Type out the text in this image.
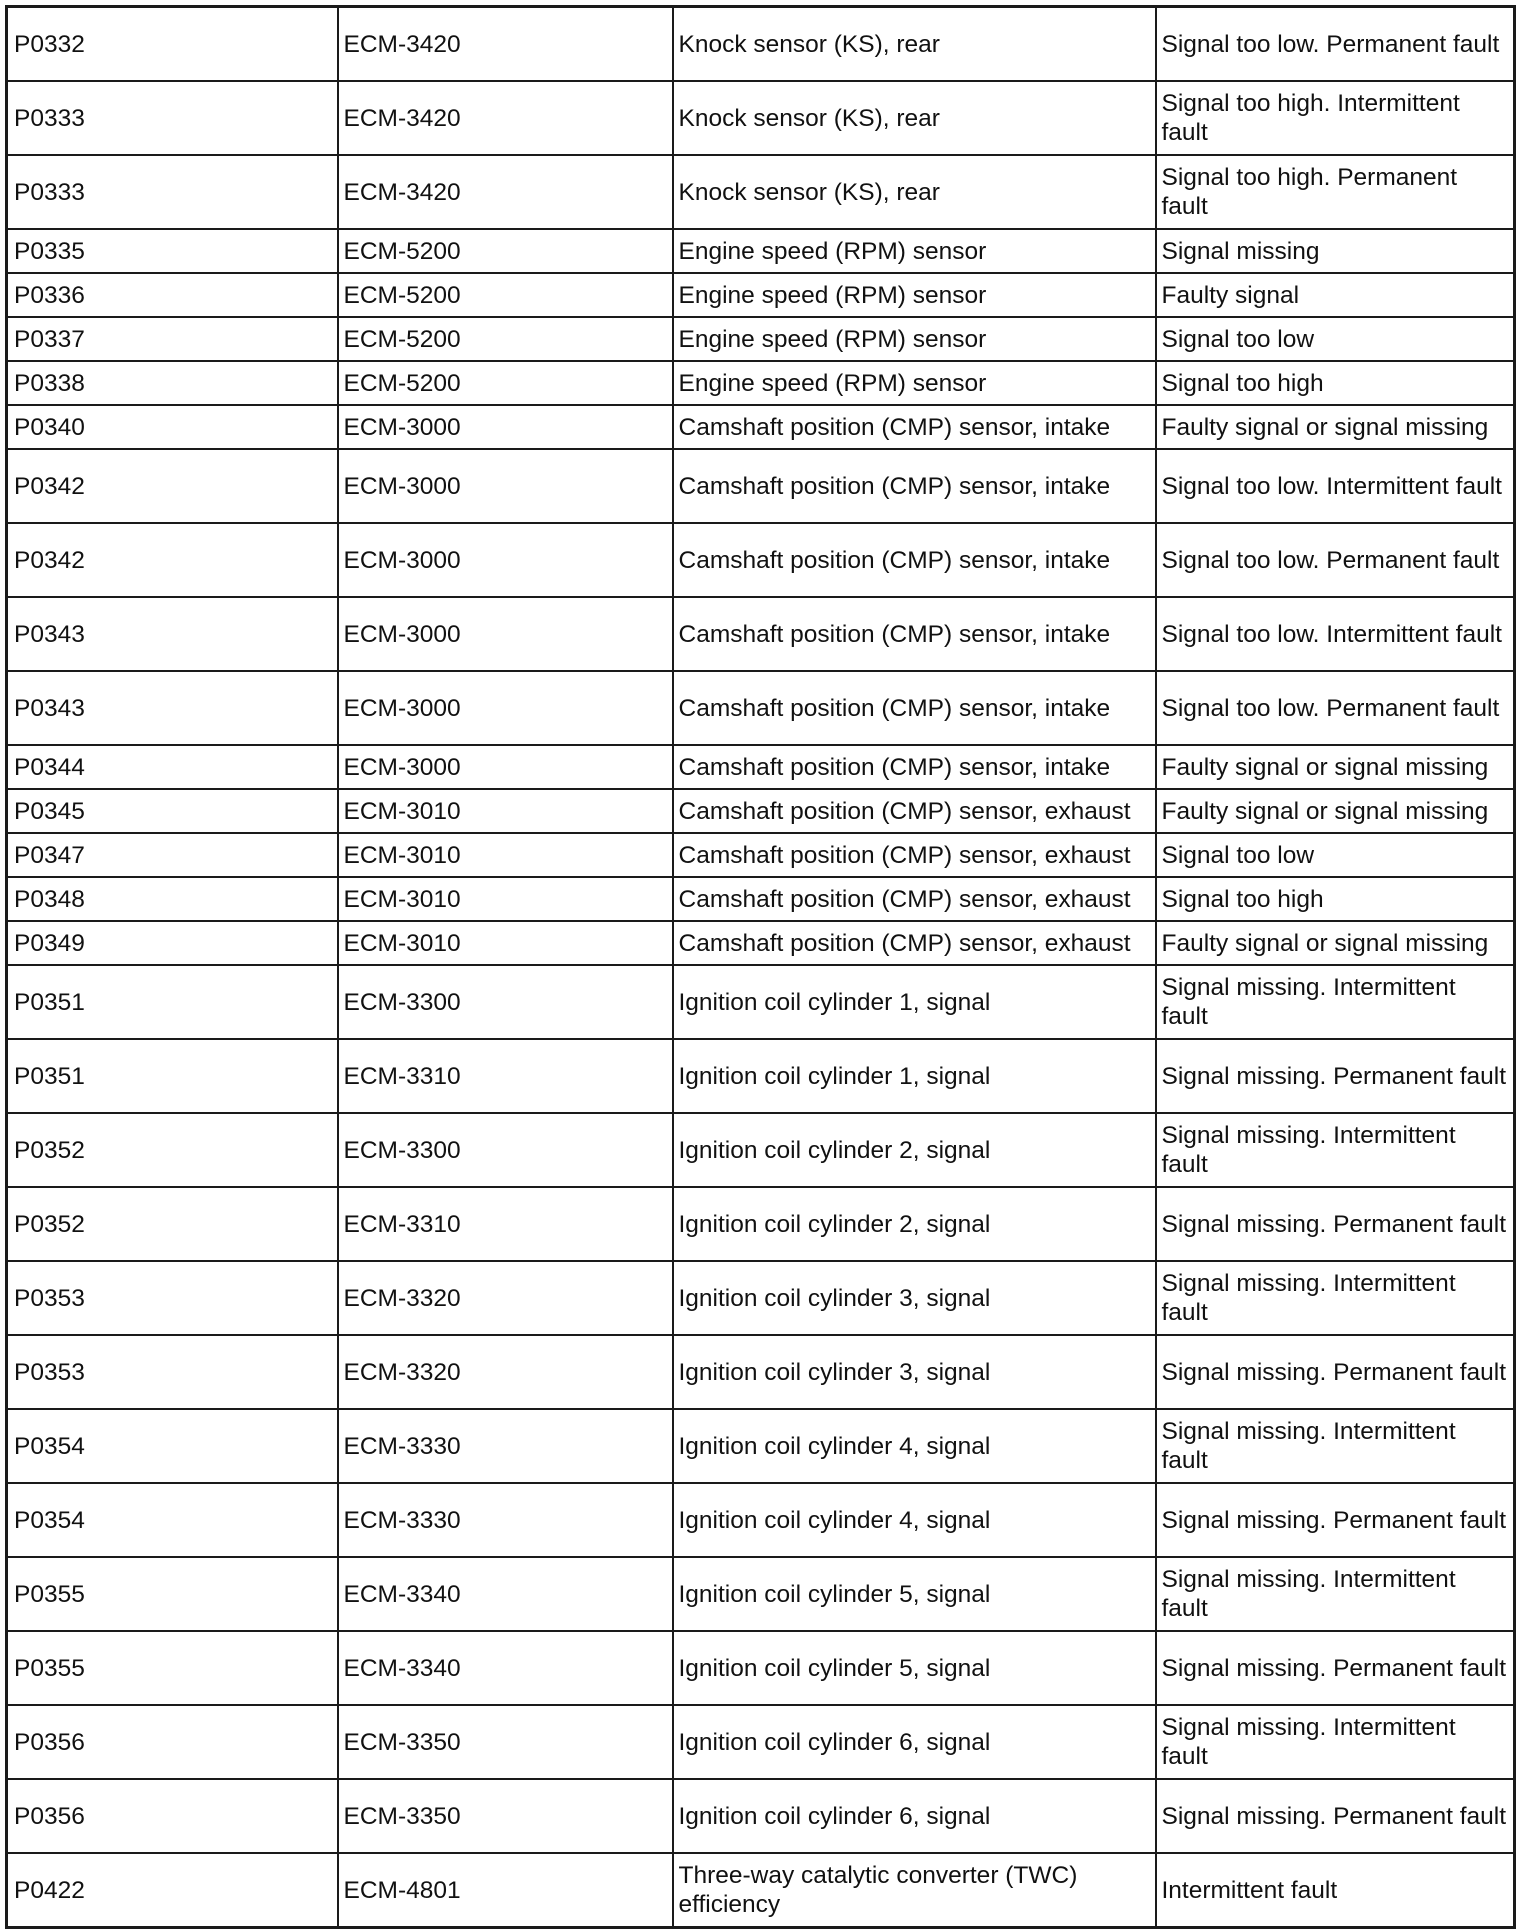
P0332	ECM-3420	Knock sensor (KS), rear	Signal too low. Permanent fault
P0333	ECM-3420	Knock sensor (KS), rear	Signal too high. Intermittent fault
P0333	ECM-3420	Knock sensor (KS), rear	Signal too high. Permanent fault
P0335	ECM-5200	Engine speed (RPM) sensor	Signal missing
P0336	ECM-5200	Engine speed (RPM) sensor	Faulty signal
P0337	ECM-5200	Engine speed (RPM) sensor	Signal too low
P0338	ECM-5200	Engine speed (RPM) sensor	Signal too high
P0340	ECM-3000	Camshaft position (CMP) sensor, intake	Faulty signal or signal missing
P0342	ECM-3000	Camshaft position (CMP) sensor, intake	Signal too low. Intermittent fault
P0342	ECM-3000	Camshaft position (CMP) sensor, intake	Signal too low. Permanent fault
P0343	ECM-3000	Camshaft position (CMP) sensor, intake	Signal too low. Intermittent fault
P0343	ECM-3000	Camshaft position (CMP) sensor, intake	Signal too low. Permanent fault
P0344	ECM-3000	Camshaft position (CMP) sensor, intake	Faulty signal or signal missing
P0345	ECM-3010	Camshaft position (CMP) sensor, exhaust	Faulty signal or signal missing
P0347	ECM-3010	Camshaft position (CMP) sensor, exhaust	Signal too low
P0348	ECM-3010	Camshaft position (CMP) sensor, exhaust	Signal too high
P0349	ECM-3010	Camshaft position (CMP) sensor, exhaust	Faulty signal or signal missing
P0351	ECM-3300	Ignition coil cylinder 1, signal	Signal missing. Intermittent fault
P0351	ECM-3310	Ignition coil cylinder 1, signal	Signal missing. Permanent fault
P0352	ECM-3300	Ignition coil cylinder 2, signal	Signal missing. Intermittent fault
P0352	ECM-3310	Ignition coil cylinder 2, signal	Signal missing. Permanent fault
P0353	ECM-3320	Ignition coil cylinder 3, signal	Signal missing. Intermittent fault
P0353	ECM-3320	Ignition coil cylinder 3, signal	Signal missing. Permanent fault
P0354	ECM-3330	Ignition coil cylinder 4, signal	Signal missing. Intermittent fault
P0354	ECM-3330	Ignition coil cylinder 4, signal	Signal missing. Permanent fault
P0355	ECM-3340	Ignition coil cylinder 5, signal	Signal missing. Intermittent fault
P0355	ECM-3340	Ignition coil cylinder 5, signal	Signal missing. Permanent fault
P0356	ECM-3350	Ignition coil cylinder 6, signal	Signal missing. Intermittent fault
P0356	ECM-3350	Ignition coil cylinder 6, signal	Signal missing. Permanent fault
P0422	ECM-4801	Three-way catalytic converter (TWC) efficiency	Intermittent fault
